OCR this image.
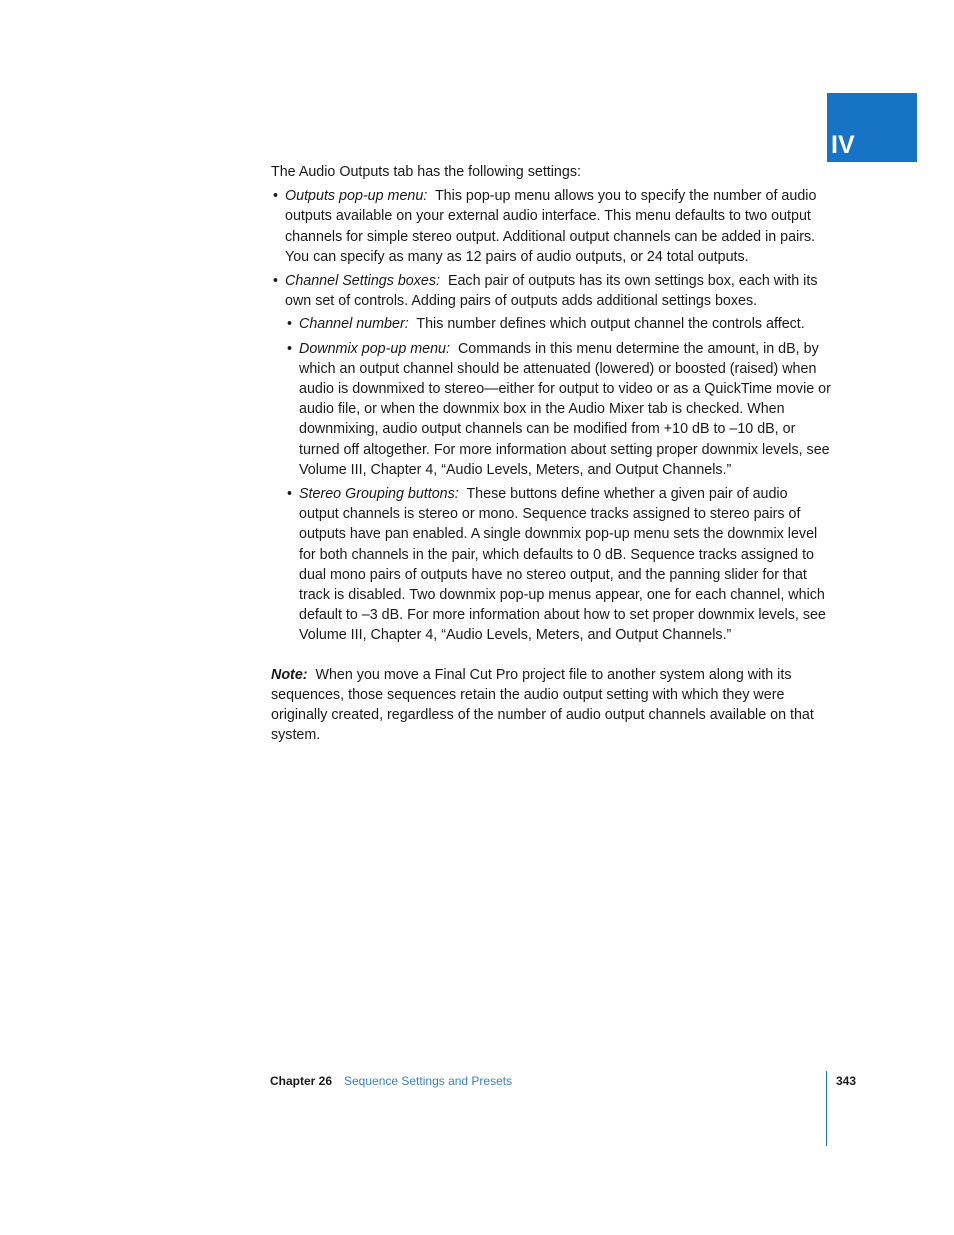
IV

The Audio Outputs tab has the following settings:

• Outputs pop-up menu: This pop-up menu allows you to specify the number of audio outputs available on your external audio interface. This menu defaults to two output channels for simple stereo output. Additional output channels can be added in pairs. You can specify as many as 12 pairs of audio outputs, or 24 total outputs.
• Channel Settings boxes: Each pair of outputs has its own settings box, each with its own set of controls. Adding pairs of outputs adds additional settings boxes.
• Channel number: This number defines which output channel the controls affect.
• Downmix pop-up menu: Commands in this menu determine the amount, in dB, by which an output channel should be attenuated (lowered) or boosted (raised) when audio is downmixed to stereo—either for output to video or as a QuickTime movie or audio file, or when the downmix box in the Audio Mixer tab is checked. When downmixing, audio output channels can be modified from +10 dB to –10 dB, or turned off altogether. For more information about setting proper downmix levels, see Volume III, Chapter 4, “Audio Levels, Meters, and Output Channels.”
• Stereo Grouping buttons: These buttons define whether a given pair of audio output channels is stereo or mono. Sequence tracks assigned to stereo pairs of outputs have pan enabled. A single downmix pop-up menu sets the downmix level for both channels in the pair, which defaults to 0 dB. Sequence tracks assigned to dual mono pairs of outputs have no stereo output, and the panning slider for that track is disabled. Two downmix pop-up menus appear, one for each channel, which default to –3 dB. For more information about how to set proper downmix levels, see Volume III, Chapter 4, “Audio Levels, Meters, and Output Channels.”

Note: When you move a Final Cut Pro project file to another system along with its sequences, those sequences retain the audio output setting with which they were originally created, regardless of the number of audio output channels available on that system.

Chapter 26 Sequence Settings and Presets	343
